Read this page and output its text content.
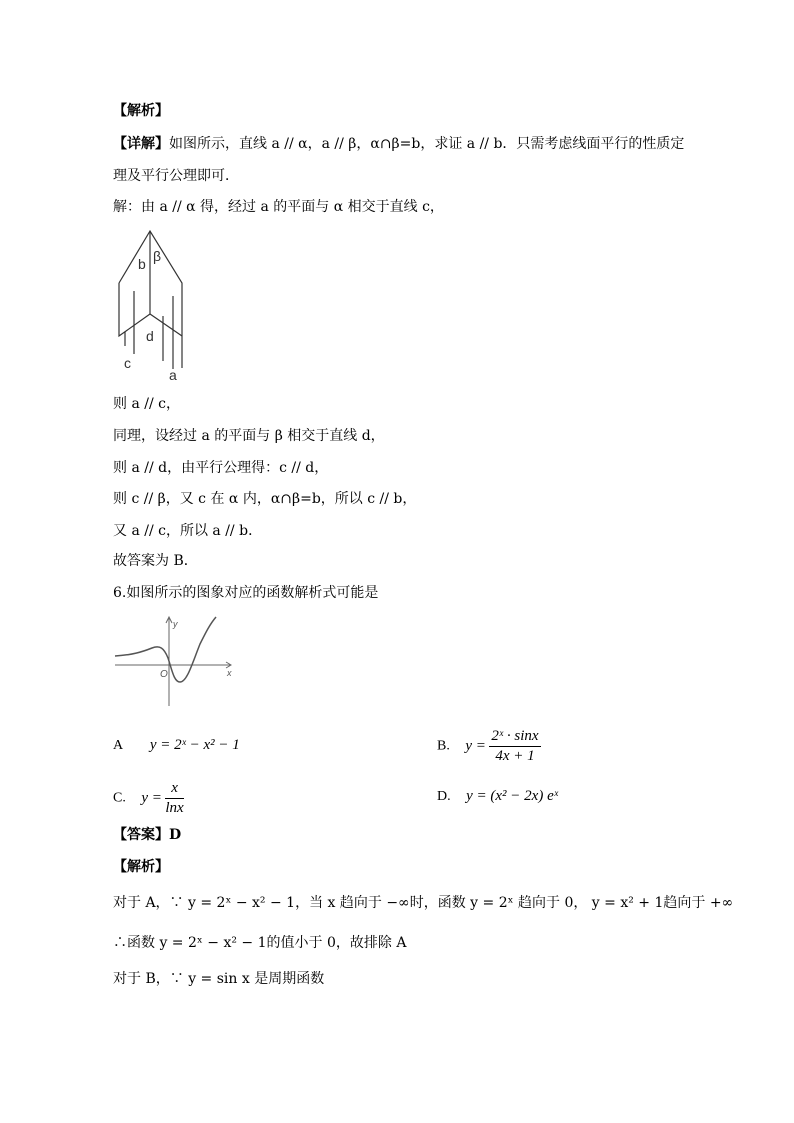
【解析】
【详解】如图所示，直线 a // α，a // β，α∩β=b，求证 a // b．只需考虑线面平行的性质定
理及平行公理即可．
解：由 a // α 得，经过 a 的平面与 α 相交于直线 c，
b β
d
c
a
则 a // c，
同理，设经过 a 的平面与 β 相交于直线 d，
则 a // d，由平行公理得：c // d，
则 c // β，又 c 在 α 内，α∩β=b，所以 c // b，
又 a // c，所以 a // b．
故答案为 B．
6.如图所示的图象对应的函数解析式可能是
y
x
O
A y = 2ˣ − x² − 1	B. $y = \frac{\text{2ˣ · sinx}}{4x + 1}$
C. $y = \frac{x}{\ln x}$	D. y = (x² − 2x) eˣ
【答案】D
【解析】
对于 A，∵ y = 2ˣ − x² − 1，当 x 趋向于 −∞时，函数 y = 2ˣ 趋向于 0， y = x² + 1趋向于 +∞
∴函数 y = 2ˣ − x² − 1的值小于 0，故排除 A
对于 B，∵ y = sin x 是周期函数
